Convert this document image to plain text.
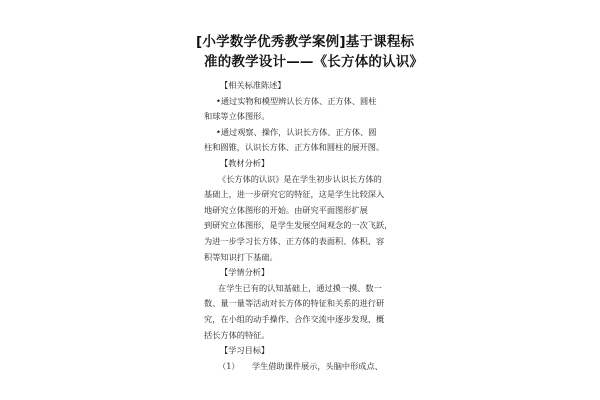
[小学数学优秀教学案例]基于课程标
准的教学设计——《长方体的认识》
【相关标准陈述】
•通过实物和模型辨认长方体、正方体、圆柱
和球等立体图形。
•通过观察、操作，认识长方体、正方体、圆
柱和圆锥，认识长方体、正方体和圆柱的展开图。
【教材分析】
《长方体的认识》是在学生初步认识长方体的
基础上，进一步研究它的特征，这是学生比较深入
地研究立体图形的开始。由研究平面图形扩展
到研究立体图形，是学生发展空间观念的一次飞跃，
为进一步学习长方体、正方体的表面积、体积、容
积等知识打下基础。
【学情分析】
在学生已有的认知基础上，通过摸一摸、数一
数、量一量等活动对长方体的特征和关系的进行研
究，在小组的动手操作、合作交流中逐步发现、概
括长方体的特征。
【学习目标】
（1）　　学生借助课件展示，头脑中形成点、
